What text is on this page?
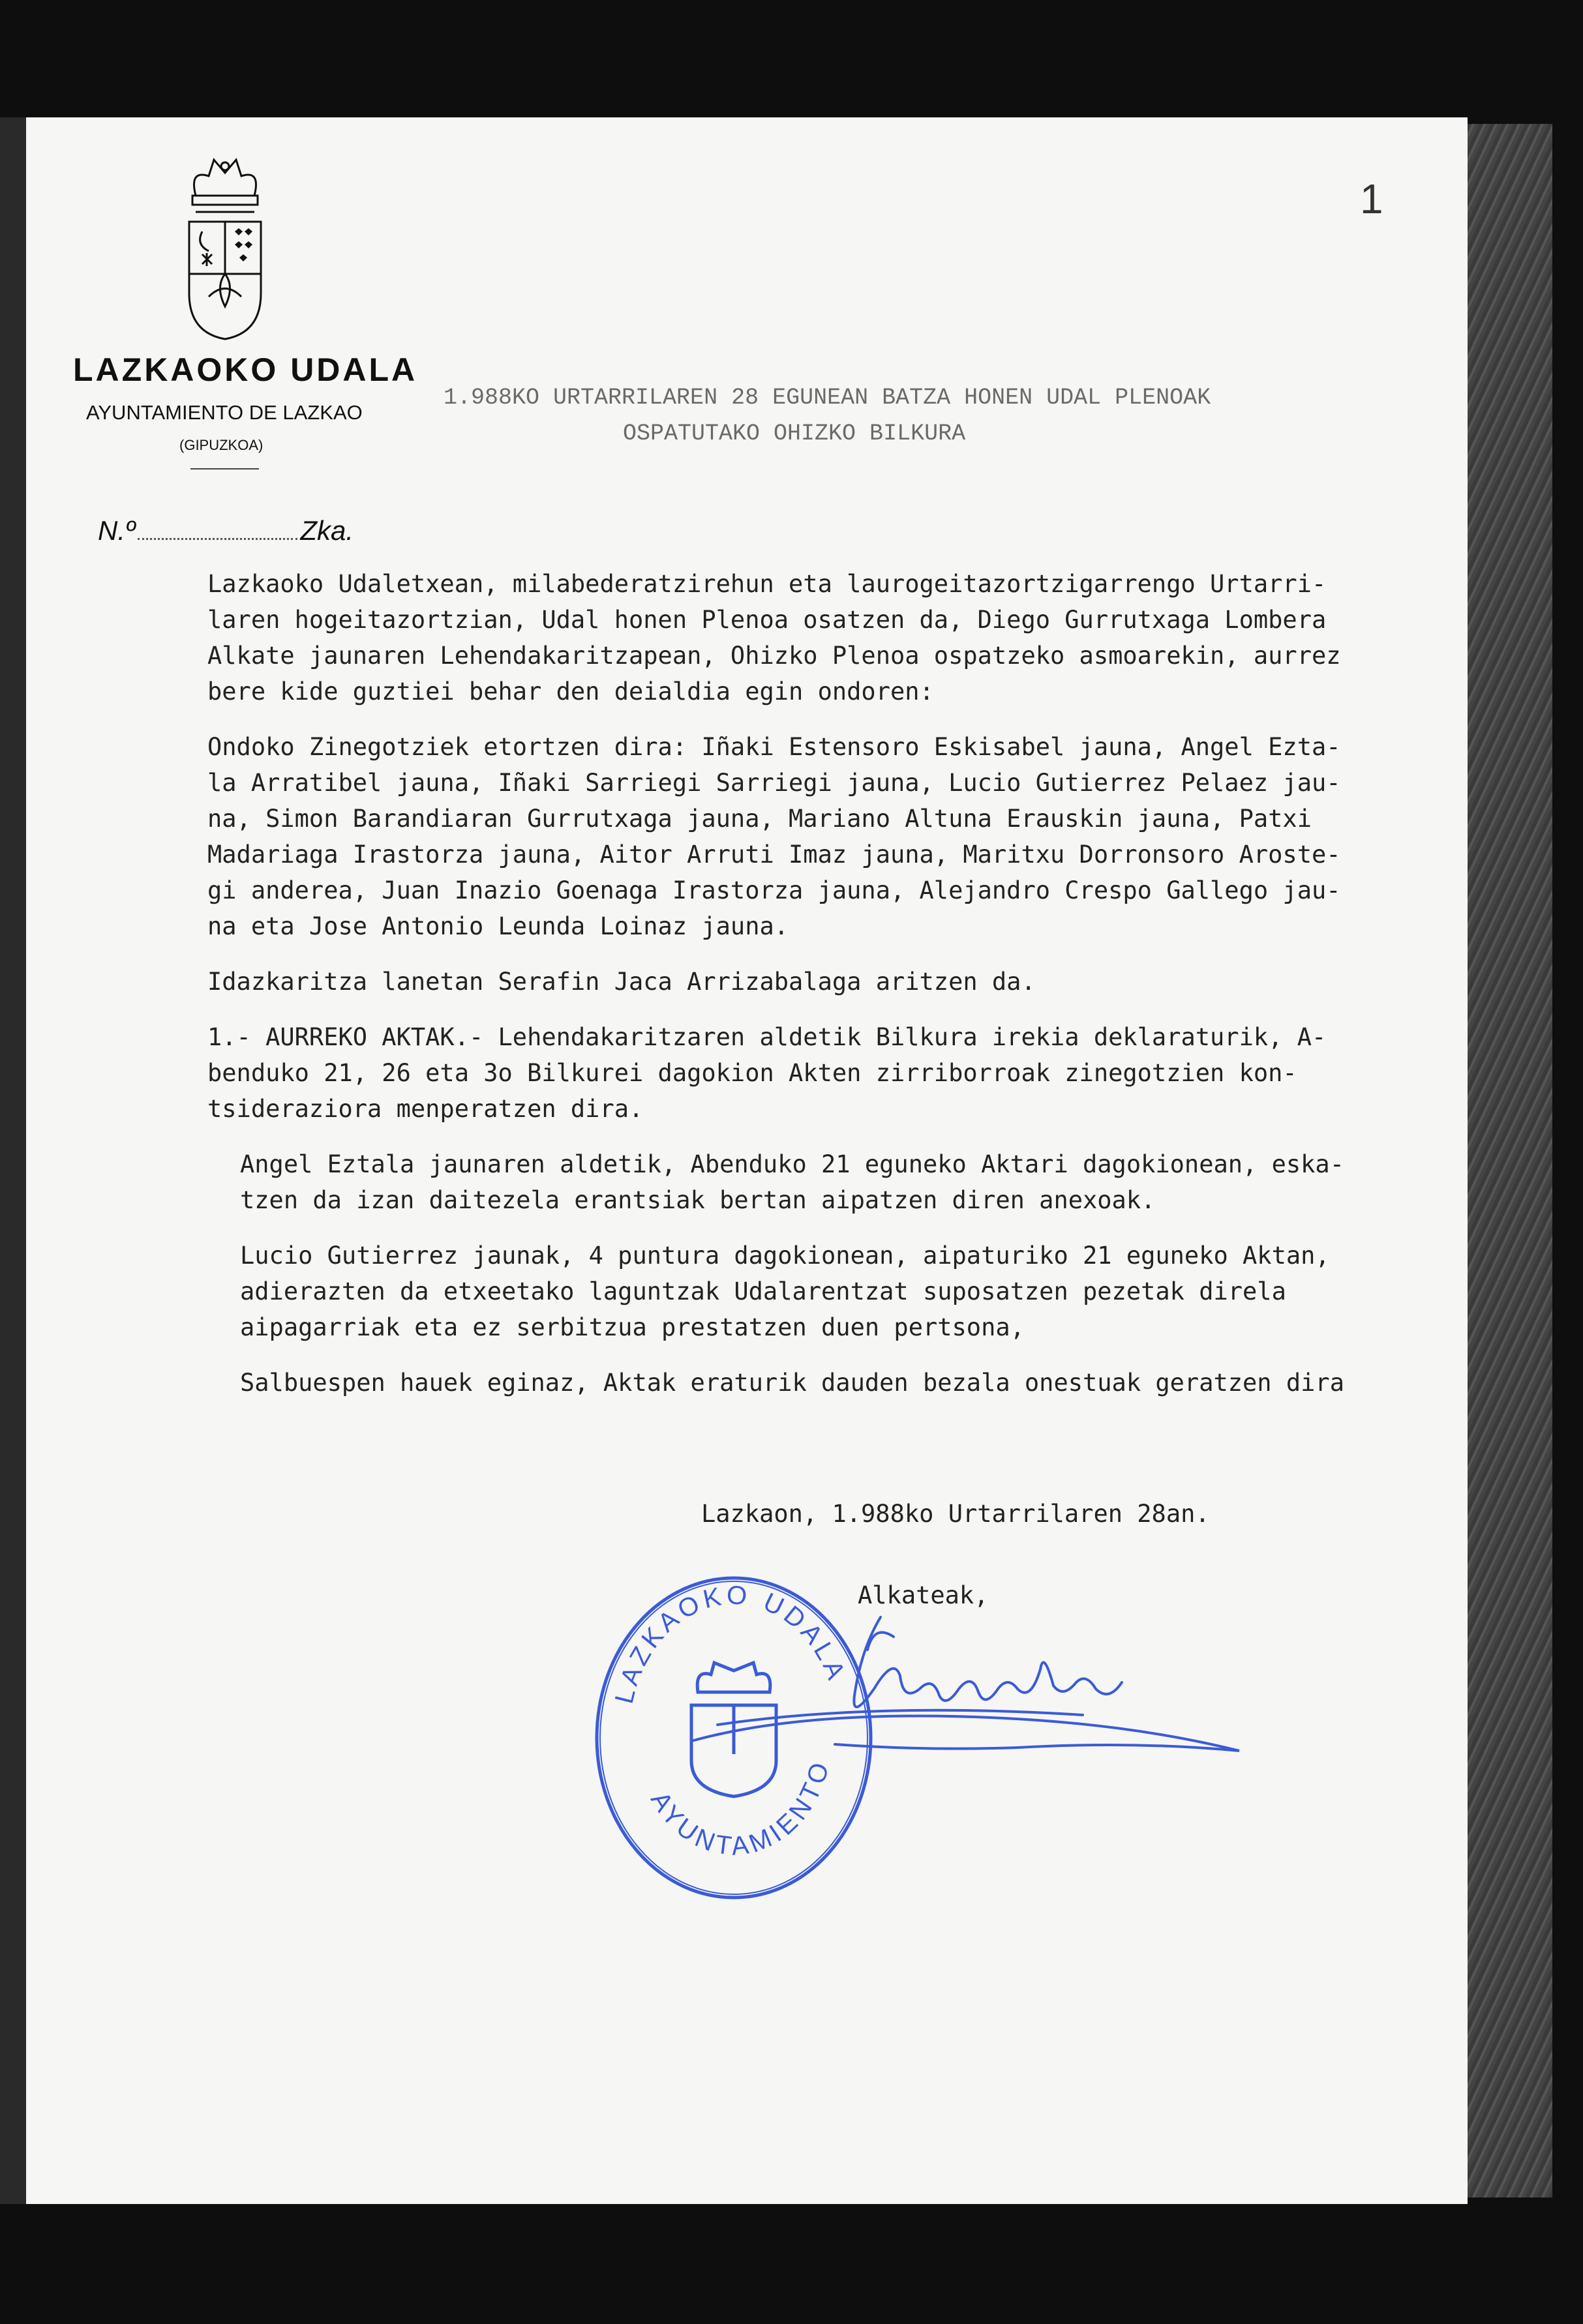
LAZKAOKO UDALA
AYUNTAMIENTO DE LAZKAO
(GIPUZKOA)
1.988KO URTARRILAREN 28 EGUNEAN BATZA HONEN UDAL PLENOAK
OSPATUTAKO OHIZKO BILKURA
1
N.º	Zka.

Lazkaoko Udaletxean, milabederatzirehun eta laurogeitazortzigarrengo Urtarri-
laren hogeitazortzian, Udal honen Plenoa osatzen da, Diego Gurrutxaga Lombera
Alkate jaunaren Lehendakaritzapean, Ohizko Plenoa ospatzeko asmoarekin, aurrez
bere kide guztiei behar den deialdia egin ondoren:

Ondoko Zinegotziek etortzen dira: Iñaki Estensoro Eskisabel jauna, Angel Ezta-
la Arratibel jauna, Iñaki Sarriegi Sarriegi jauna, Lucio Gutierrez Pelaez jau-
na, Simon Barandiaran Gurrutxaga jauna, Mariano Altuna Erauskin jauna, Patxi
Madariaga Irastorza jauna, Aitor Arruti Imaz jauna, Maritxu Dorronsoro Aroste-
gi anderea, Juan Inazio Goenaga Irastorza jauna, Alejandro Crespo Gallego jau-
na eta Jose Antonio Leunda Loinaz jauna.

Idazkaritza lanetan Serafin Jaca Arrizabalaga aritzen da.

1.- AURREKO AKTAK.- Lehendakaritzaren aldetik Bilkura irekia deklaraturik, A-
benduko 21, 26 eta 3o Bilkurei dagokion Akten zirriborroak zinegotzien kon-
tsideraziora menperatzen dira.

Angel Eztala jaunaren aldetik, Abenduko 21 eguneko Aktari dagokionean, eska-
tzen da izan daitezela erantsiak bertan aipatzen diren anexoak.

Lucio Gutierrez jaunak, 4 puntura dagokionean, aipaturiko 21 eguneko Aktan,
adierazten da etxeetako laguntzak Udalarentzat suposatzen pezetak direla
aipagarriak eta ez serbitzua prestatzen duen pertsona,

Salbuespen hauek eginaz, Aktak eraturik dauden bezala onestuak geratzen dira

Lazkaon, 1.988ko Urtarrilaren 28an.
Alkateak,
LAZKAOKO UDALA
AYUNTAMIENTO
